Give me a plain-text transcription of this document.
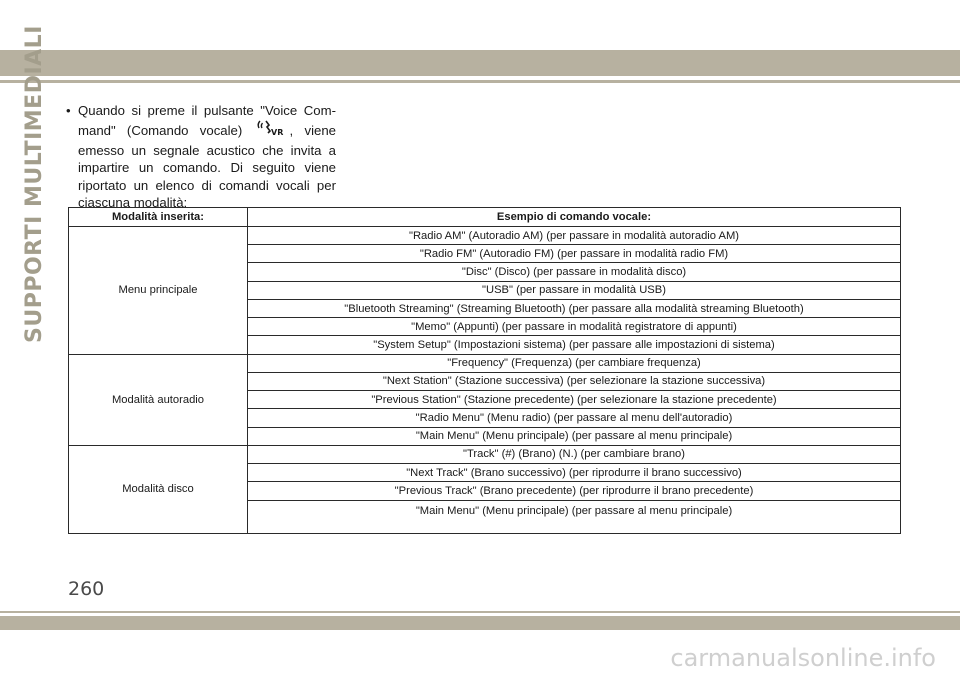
SUPPORTI MULTIMEDIALI • Quando si preme il pulsante "Voice Com- mand" (Comando vocale) VR , viene emesso un segnale acustico che invita a impartire un comando. Di seguito viene riportato un elenco di comandi vocali per ciascuna modalità:
Modalità inserita:	Esempio di comando vocale:
Menu principale	"Radio AM" (Autoradio AM) (per passare in modalità autoradio AM)
	"Radio FM" (Autoradio FM) (per passare in modalità radio FM)
	"Disc" (Disco) (per passare in modalità disco)
	"USB" (per passare in modalità USB)
	"Bluetooth Streaming" (Streaming Bluetooth) (per passare alla modalità streaming Bluetooth)
	"Memo" (Appunti) (per passare in modalità registratore di appunti)
	"System Setup" (Impostazioni sistema) (per passare alle impostazioni di sistema)
Modalità autoradio	"Frequency" (Frequenza) (per cambiare frequenza)
	"Next Station" (Stazione successiva) (per selezionare la stazione successiva)
	"Previous Station" (Stazione precedente) (per selezionare la stazione precedente)
	"Radio Menu" (Menu radio) (per passare al menu dell'autoradio)
	"Main Menu" (Menu principale) (per passare al menu principale)
Modalità disco	"Track" (#) (Brano) (N.) (per cambiare brano)
	"Next Track" (Brano successivo) (per riprodurre il brano successivo)
	"Previous Track" (Brano precedente) (per riprodurre il brano precedente)
	"Main Menu" (Menu principale) (per passare al menu principale)
260
carmanualsonline.info
